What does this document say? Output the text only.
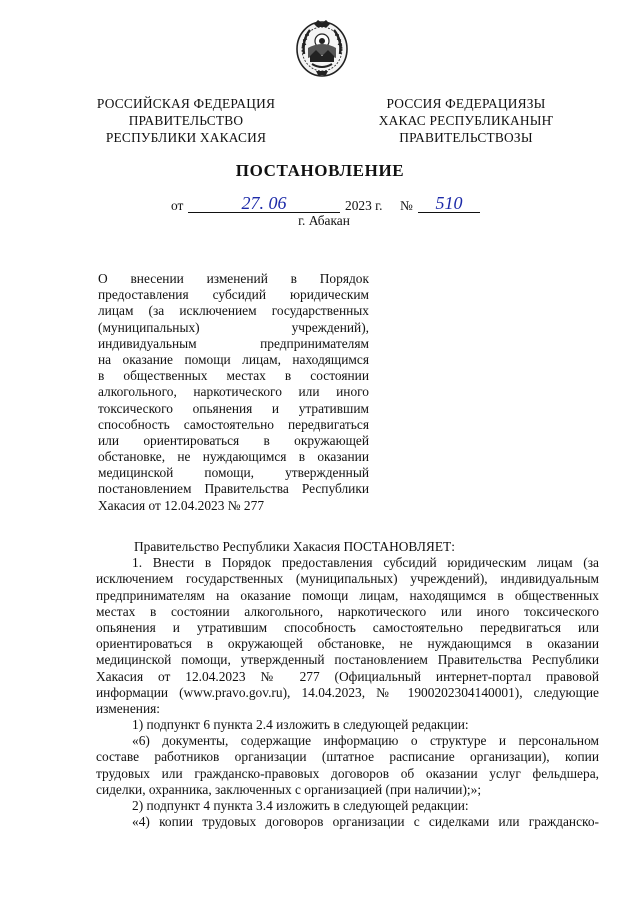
РОССИЙСКАЯ ФЕДЕРАЦИЯ
ПРАВИТЕЛЬСТВО
РЕСПУБЛИКИ ХАКАСИЯ
РОССИЯ ФЕДЕРАЦИЯЗЫ
ХАКАС РЕСПУБЛИКАНЫҤ
ПРАВИТЕЛЬСТВОЗЫ
ПОСТАНОВЛЕНИЕ
от	27. 06	2023 г. №	510
г. Абакан
О внесении изменений в Порядок
предоставления субсидий юридическим
лицам (за исключением государственных
(муниципальных) учреждений),
индивидуальным предпринимателям
на оказание помощи лицам, находящимся
в общественных местах в состоянии
алкогольного, наркотического или иного
токсического опьянения и утратившим
способность самостоятельно передвигаться
или ориентироваться в окружающей
обстановке, не нуждающимся в оказании
медицинской помощи, утвержденный
постановлением Правительства Республики
Хакасия от 12.04.2023 № 277
Правительство Республики Хакасия ПОСТАНОВЛЯЕТ:
1. Внести в Порядок предоставления субсидий юридическим лицам (за
исключением государственных (муниципальных) учреждений), индивидуальным
предпринимателям на оказание помощи лицам, находящимся в общественных
местах в состоянии алкогольного, наркотического или иного токсического
опьянения и утратившим способность самостоятельно передвигаться или
ориентироваться в окружающей обстановке, не нуждающимся в оказании
медицинской помощи, утвержденный постановлением Правительства Республики
Хакасия от 12.04.2023 № 277 (Официальный интернет-портал правовой
информации (www.pravo.gov.ru), 14.04.2023, № 1900202304140001), следующие
изменения:
1) подпункт 6 пункта 2.4 изложить в следующей редакции:
«6) документы, содержащие информацию о структуре и персональном
составе работников организации (штатное расписание организации), копии
трудовых или гражданско-правовых договоров об оказании услуг фельдшера,
сиделки, охранника, заключенных с организацией (при наличии);»;
2) подпункт 4 пункта 3.4 изложить в следующей редакции:
«4) копии трудовых договоров организации с сиделками или гражданско-
